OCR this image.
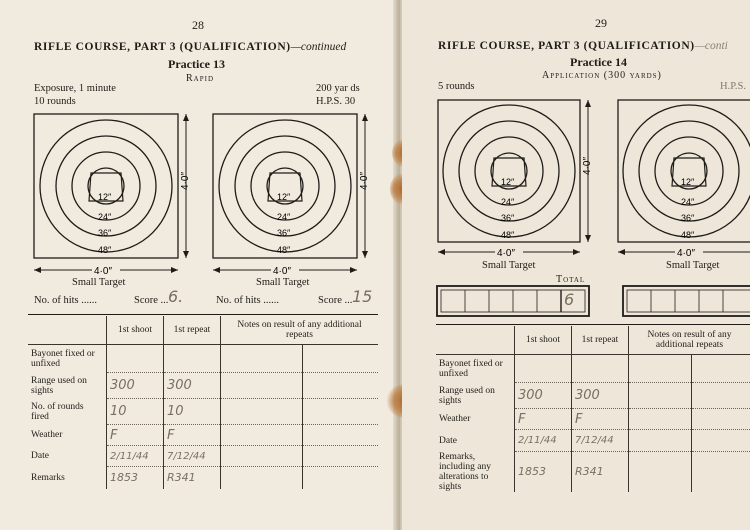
28
RIFLE COURSE, PART 3 (QUALIFICATION)—continued
Practice 13
Rapid
Exposure, 1 minute
10 rounds
200 yar ds
H.P.S. 30
12″
24″
36″
48″
4·0″
4·0″
12″
24″
36″
48″
4·0″
4·0″
Small Target	Small Target
No. of hits ......	Score ... 6.	No. of hits ......	Score ... 15
	1st shoot	1st repeat	Notes on result of any additional repeats	
Bayonet fixed or unfixed				
Range used on sights	300	300		
No. of rounds fired	10	10		
Weather	F	F		
Date	2/11/44	7/12/44		
Remarks	1853	R341		
29
RIFLE COURSE, PART 3 (QUALIFICATION)—conti
Practice 14
Application (300 yards)
5 rounds	H.P.S.
12″
24″
36″
48″
4·0″
4·0″
12″
24″
36″
48″
4·0″
Small Target	Small Target
Total
6
	1st shoot	1st repeat	Notes on result of any additional repeats	
Bayonet fixed or unfixed				
Range used on sights	300	300		
Weather	F	F		
Date	2/11/44	7/12/44		
Remarks, including any alterations to sights	1853	R341		
